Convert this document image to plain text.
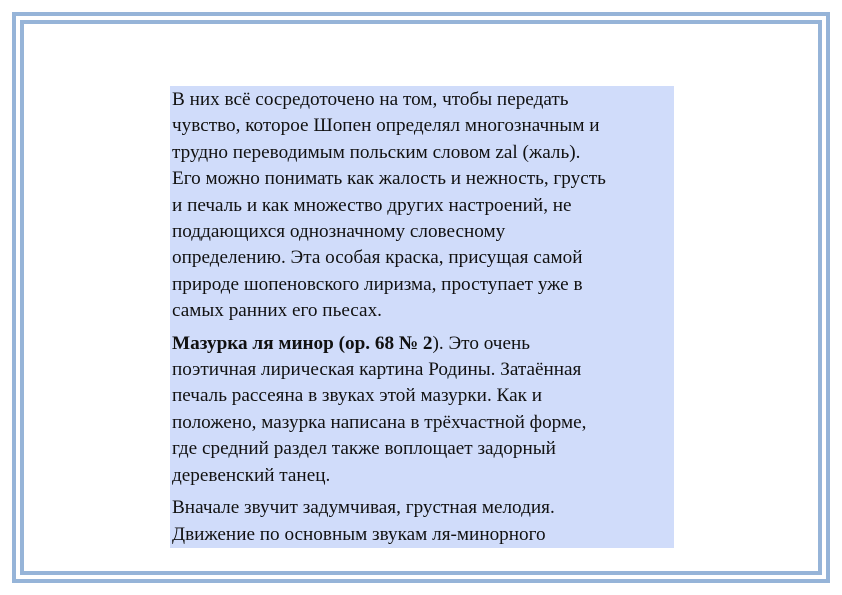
В них всё сосредоточено на том, чтобы передать
чувство, которое Шопен определял многозначным и
трудно переводимым польским словом zal (жаль).
Его можно понимать как жалость и нежность, грусть
и печаль и как множество других настроений, не
поддающихся однозначному словесному
определению. Эта особая краска, присущая самой
природе шопеновского лиризма, проступает уже в
самых ранних его пьесах.

Мазурка ля минор (ор. 68 № 2). Это очень
поэтичная лирическая картина Родины. Затаённая
печаль рассеяна в звуках этой мазурки. Как и
положено, мазурка написана в трёхчастной форме,
где средний раздел также воплощает задорный
деревенский танец.

Вначале звучит задумчивая, грустная мелодия.
Движение по основным звукам ля-минорного
